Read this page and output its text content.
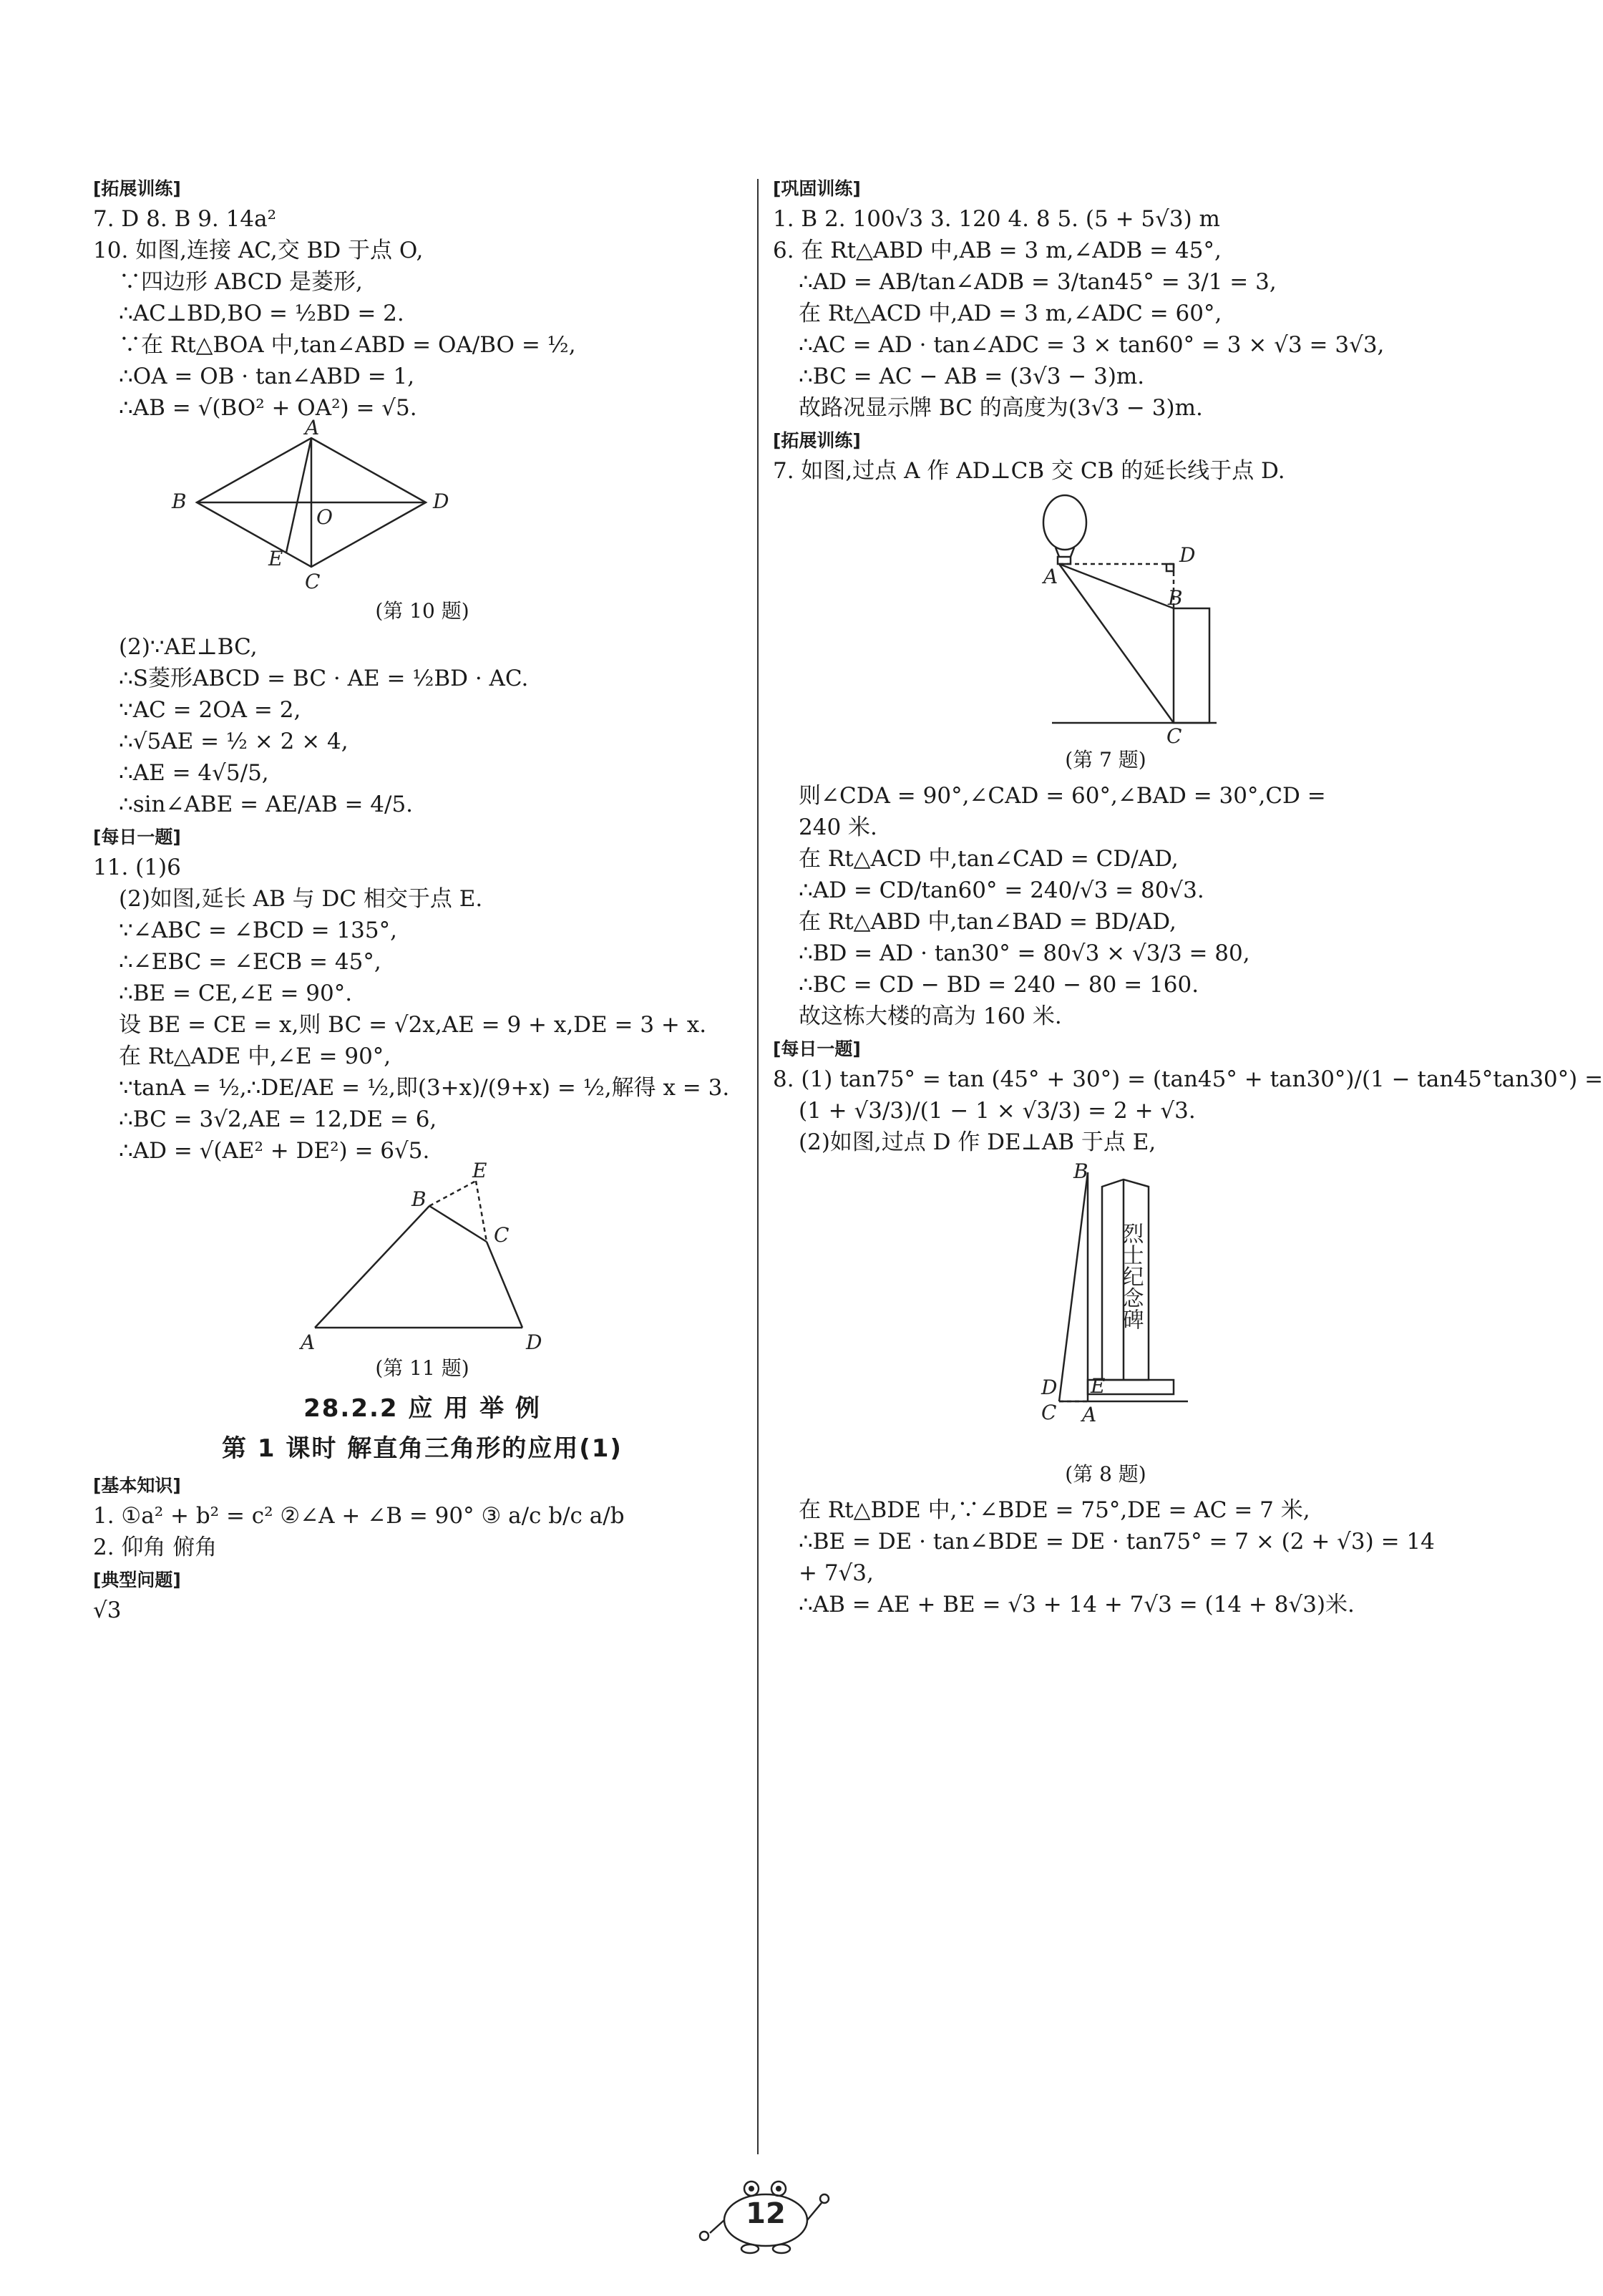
[拓展训练]
7. D 8. B 9. 14a²
10. 如图,连接 AC,交 BD 于点 O,
∵四边形 ABCD 是菱形,
∴AC⊥BD,BO = ½BD = 2.
∵在 Rt△BOA 中,tan∠ABD = OA/BO = ½,
∴OA = OB · tan∠ABD = 1,
∴AB = √(BO² + OA²) = √5.
A
B	D
O
E
C
(第 10 题)
(2)∵AE⊥BC,
∴S菱形ABCD = BC · AE = ½BD · AC.
∵AC = 2OA = 2,
∴√5AE = ½ × 2 × 4,
∴AE = 4√5/5,
∴sin∠ABE = AE/AB = 4/5.
[每日一题]
11. (1)6
(2)如图,延长 AB 与 DC 相交于点 E.
∵∠ABC = ∠BCD = 135°,
∴∠EBC = ∠ECB = 45°,
∴BE = CE,∠E = 90°.
设 BE = CE = x,则 BC = √2x,AE = 9 + x,DE = 3 + x.
在 Rt△ADE 中,∠E = 90°,
∵tanA = ½,∴DE/AE = ½,即(3+x)/(9+x) = ½,解得 x = 3.
∴BC = 3√2,AE = 12,DE = 6,
∴AD = √(AE² + DE²) = 6√5.
E
B
C
A	D
(第 11 题)
28.2.2 应 用 举 例
第 1 课时 解直角三角形的应用(1)
[基本知识]
1. ①a² + b² = c² ②∠A + ∠B = 90° ③ a/c b/c a/b
2. 仰角 俯角
[典型问题]
√3
[巩固训练]
1. B 2. 100√3 3. 120 4. 8 5. (5 + 5√3) m
6. 在 Rt△ABD 中,AB = 3 m,∠ADB = 45°,
∴AD = AB/tan∠ADB = 3/tan45° = 3/1 = 3,
在 Rt△ACD 中,AD = 3 m,∠ADC = 60°,
∴AC = AD · tan∠ADC = 3 × tan60° = 3 × √3 = 3√3,
∴BC = AC − AB = (3√3 − 3)m.
故路况显示牌 BC 的高度为(3√3 − 3)m.
[拓展训练]
7. 如图,过点 A 作 AD⊥CB 交 CB 的延长线于点 D.
A
D
B
C
(第 7 题)
则∠CDA = 90°,∠CAD = 60°,∠BAD = 30°,CD =
240 米.
在 Rt△ACD 中,tan∠CAD = CD/AD,
∴AD = CD/tan60° = 240/√3 = 80√3.
在 Rt△ABD 中,tan∠BAD = BD/AD,
∴BD = AD · tan30° = 80√3 × √3/3 = 80,
∴BC = CD − BD = 240 − 80 = 160.
故这栋大楼的高为 160 米.
[每日一题]
8. (1) tan75° = tan (45° + 30°) = (tan45° + tan30°)/(1 − tan45°tan30°) =
(1 + √3/3)/(1 − 1 × √3/3) = 2 + √3.
(2)如图,过点 D 作 DE⊥AB 于点 E,
烈士纪念碑
B
D E
C A
(第 8 题)
在 Rt△BDE 中,∵∠BDE = 75°,DE = AC = 7 米,
∴BE = DE · tan∠BDE = DE · tan75° = 7 × (2 + √3) = 14
+ 7√3,
∴AB = AE + BE = √3 + 14 + 7√3 = (14 + 8√3)米.
12
